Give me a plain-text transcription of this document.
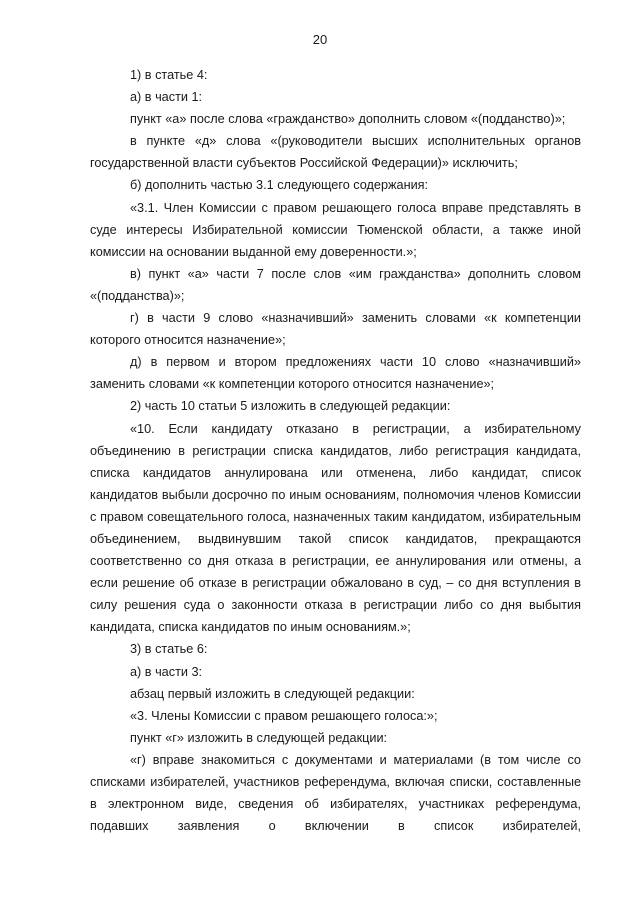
20

1) в статье 4:

а) в части 1:

пункт «а» после слова «гражданство» дополнить словом «(подданство)»;

в пункте «д» слова «(руководители высших исполнительных органов государственной власти субъектов Российской Федерации)» исключить;

б) дополнить частью 3.1 следующего содержания:

«3.1. Член Комиссии с правом решающего голоса вправе представлять в суде интересы Избирательной комиссии Тюменской области, а также иной комиссии на основании выданной ему доверенности.»;

в) пункт «а» части 7 после слов «им гражданства» дополнить словом «(подданства)»;

г) в части 9 слово «назначивший» заменить словами «к компетенции которого относится назначение»;

д) в первом и втором предложениях части 10 слово «назначивший» заменить словами «к компетенции которого относится назначение»;

2) часть 10 статьи 5 изложить в следующей редакции:

«10. Если кандидату отказано в регистрации, а избирательному объединению в регистрации списка кандидатов, либо регистрация кандидата, списка кандидатов аннулирована или отменена, либо кандидат, список кандидатов выбыли досрочно по иным основаниям, полномочия членов Комиссии с правом совещательного голоса, назначенных таким кандидатом, избирательным объединением, выдвинувшим такой список кандидатов, прекращаются соответственно со дня отказа в регистрации, ее аннулирования или отмены, а если решение об отказе в регистрации обжаловано в суд, – со дня вступления в силу решения суда о законности отказа в регистрации либо со дня выбытия кандидата, списка кандидатов по иным основаниям.»;

3) в статье 6:

а) в части 3:

абзац первый изложить в следующей редакции:

«3. Члены Комиссии с правом решающего голоса:»;

пункт «г» изложить в следующей редакции:

«г) вправе знакомиться с документами и материалами (в том числе со списками избирателей, участников референдума, включая списки, составленные в электронном виде, сведения об избирателях, участниках референдума, подавших заявления о включении в список избирателей,
